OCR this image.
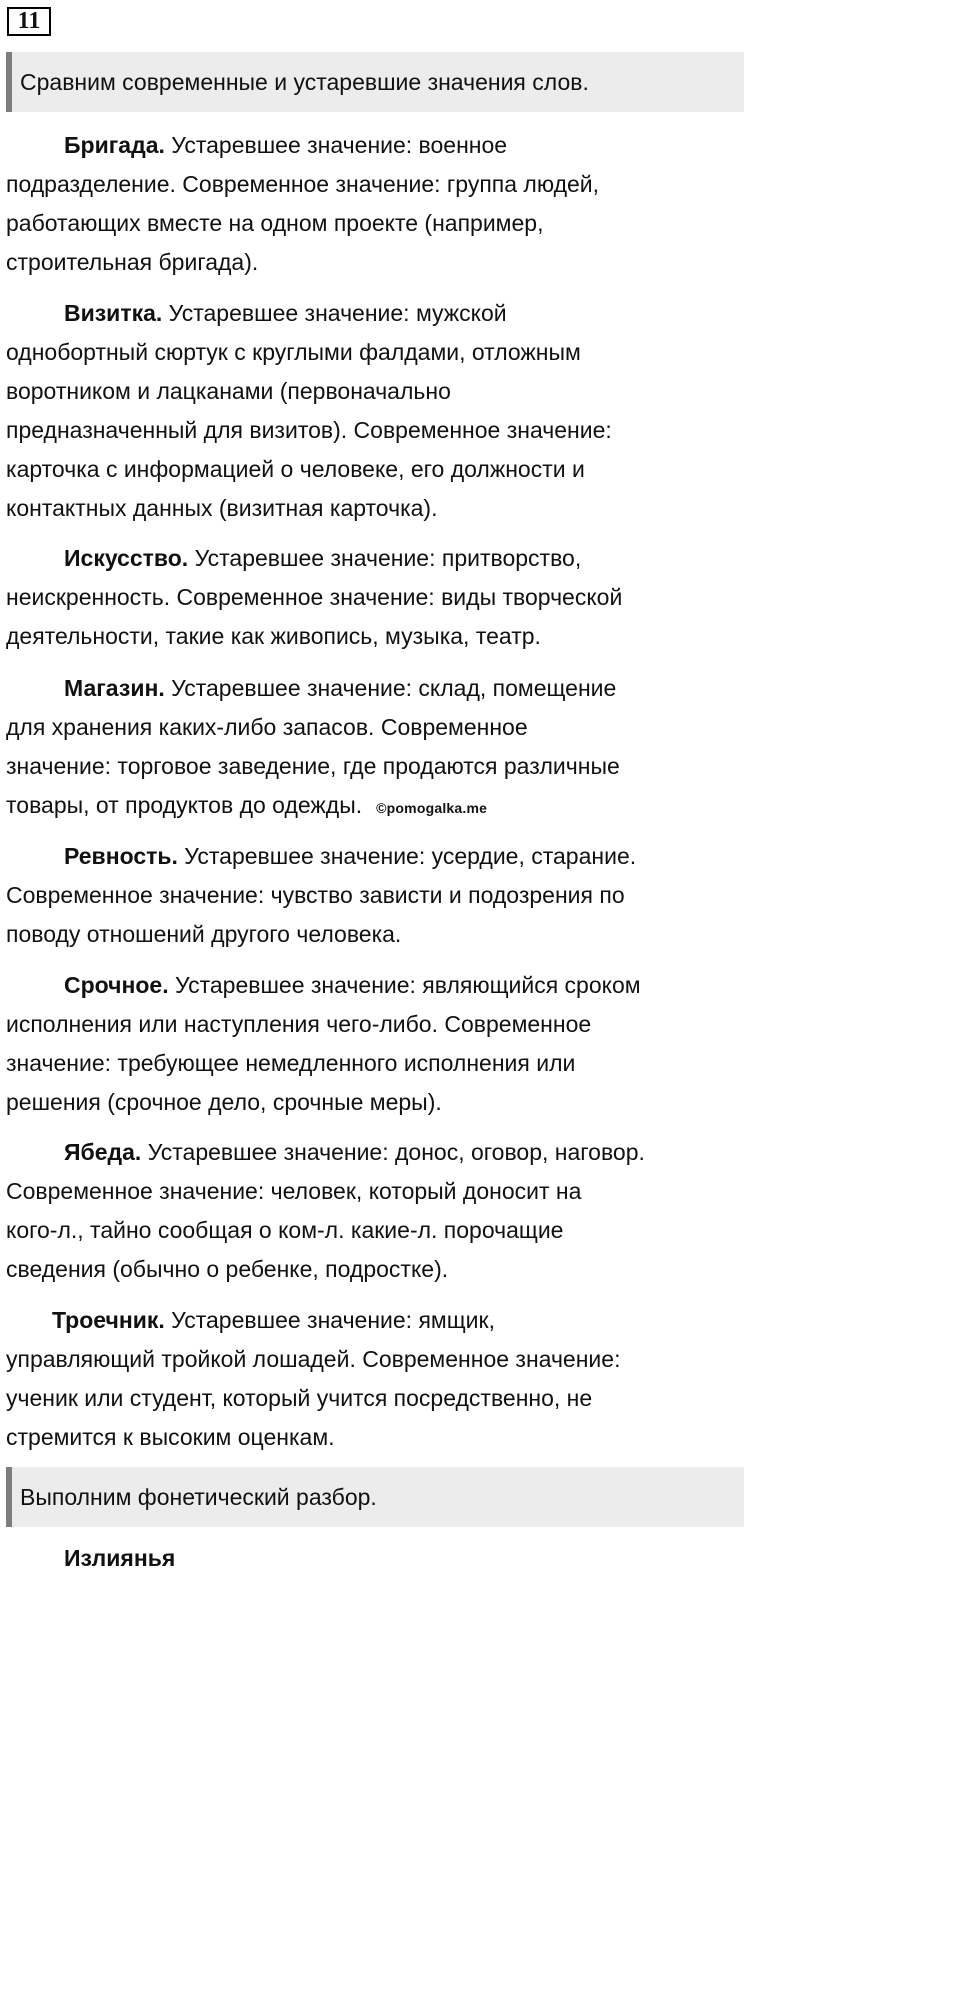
11
Сравним современные и устаревшие значения слов.

Бригада. Устаревшее значение: военное
подразделение. Современное значение: группа людей,
работающих вместе на одном проекте (например,
строительная бригада).

Визитка. Устаревшее значение: мужской
однобортный сюртук с круглыми фалдами, отложным
воротником и лацканами (первоначально
предназначенный для визитов). Современное значение:
карточка с информацией о человеке, его должности и
контактных данных (визитная карточка).

Искусство. Устаревшее значение: притворство,
неискренность. Современное значение: виды творческой
деятельности, такие как живопись, музыка, театр.

Магазин. Устаревшее значение: склад, помещение
для хранения каких-либо запасов. Современное
значение: торговое заведение, где продаются различные
товары, от продуктов до одежды. ©pomogalka.me

Ревность. Устаревшее значение: усердие, старание.
Современное значение: чувство зависти и подозрения по
поводу отношений другого человека.

Срочное. Устаревшее значение: являющийся сроком
исполнения или наступления чего-либо. Современное
значение: требующее немедленного исполнения или
решения (срочное дело, срочные меры).

Ябеда. Устаревшее значение: донос, оговор, наговор.
Современное значение: человек, который доносит на
кого-л., тайно сообщая о ком-л. какие-л. порочащие
сведения (обычно о ребенке, подростке).

Троечник. Устаревшее значение: ямщик,
управляющий тройкой лошадей. Современное значение:
ученик или студент, который учится посредственно, не
стремится к высоким оценкам.

Выполним фонетический разбор.
Излиянья
